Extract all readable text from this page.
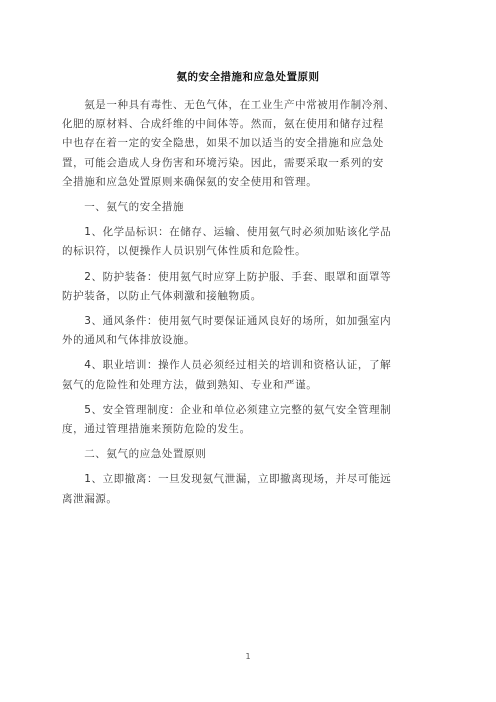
氨的安全措施和应急处置原则

　　氨是一种具有毒性、无色气体，在工业生产中常被用作制冷剂、
化肥的原材料、合成纤维的中间体等。然而，氨在使用和储存过程
中也存在着一定的安全隐患，如果不加以适当的安全措施和应急处
置，可能会造成人身伤害和环境污染。因此，需要采取一系列的安
全措施和应急处置原则来确保氨的安全使用和管理。

　　一、氨气的安全措施

　　1、化学品标识：在储存、运输、使用氨气时必须加贴该化学品
的标识符，以便操作人员识别气体性质和危险性。

　　2、防护装备：使用氨气时应穿上防护服、手套、眼罩和面罩等
防护装备，以防止气体刺激和接触物质。

　　3、通风条件：使用氨气时要保证通风良好的场所，如加强室内
外的通风和气体排放设施。

　　4、职业培训：操作人员必须经过相关的培训和资格认证，了解
氨气的危险性和处理方法，做到熟知、专业和严谨。

　　5、安全管理制度：企业和单位必须建立完整的氨气安全管理制
度，通过管理措施来预防危险的发生。

　　二、氨气的应急处置原则

　　1、立即撤离：一旦发现氨气泄漏，立即撤离现场，并尽可能远
离泄漏源。

1
